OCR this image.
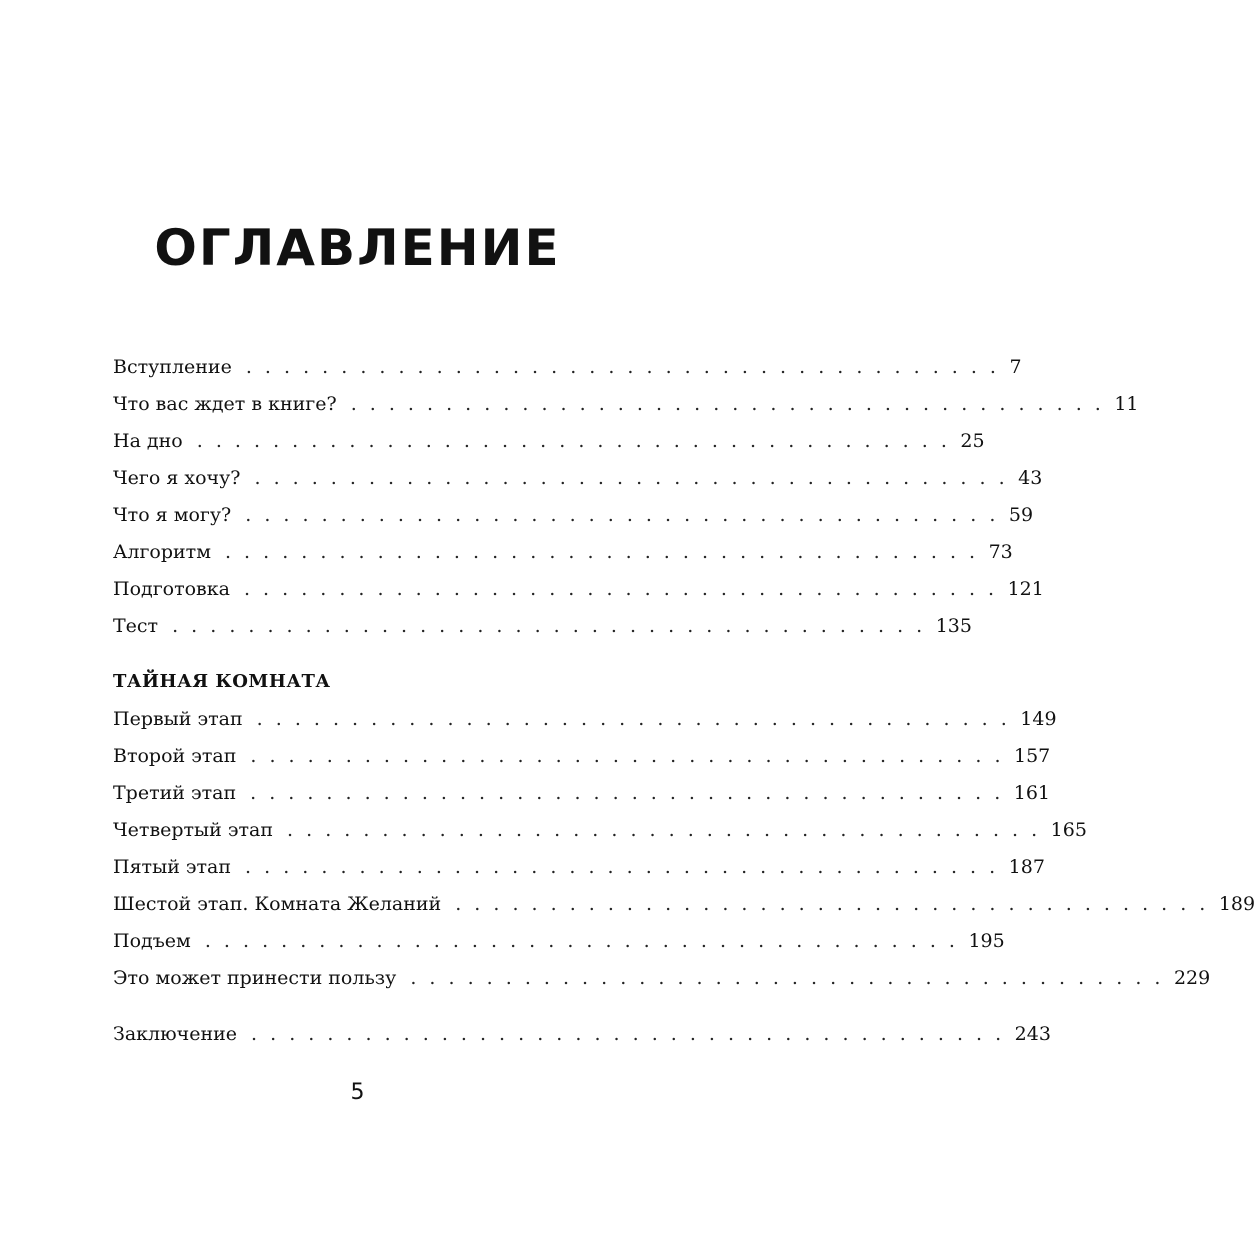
ОГЛАВЛЕНИЕ
Вступление . . . . . . . . . . . . . . . . . . . . . . . . . . . . . . . . . . . . . . . . 7
Что вас ждет в книге? . . . . . . . . . . . . . . . . . . . . . . . . . . . . . . . . . . . . . . . . 11
На дно . . . . . . . . . . . . . . . . . . . . . . . . . . . . . . . . . . . . . . . . 25
Чего я хочу? . . . . . . . . . . . . . . . . . . . . . . . . . . . . . . . . . . . . . . . . 43
Что я могу? . . . . . . . . . . . . . . . . . . . . . . . . . . . . . . . . . . . . . . . . 59
Алгоритм . . . . . . . . . . . . . . . . . . . . . . . . . . . . . . . . . . . . . . . . 73
Подготовка . . . . . . . . . . . . . . . . . . . . . . . . . . . . . . . . . . . . . . . . 121
Тест . . . . . . . . . . . . . . . . . . . . . . . . . . . . . . . . . . . . . . . . 135
ТАЙНАЯ КОМНАТА
Первый этап . . . . . . . . . . . . . . . . . . . . . . . . . . . . . . . . . . . . . . . . 149
Второй этап . . . . . . . . . . . . . . . . . . . . . . . . . . . . . . . . . . . . . . . . 157
Третий этап . . . . . . . . . . . . . . . . . . . . . . . . . . . . . . . . . . . . . . . . 161
Четвертый этап . . . . . . . . . . . . . . . . . . . . . . . . . . . . . . . . . . . . . . . . 165
Пятый этап . . . . . . . . . . . . . . . . . . . . . . . . . . . . . . . . . . . . . . . . 187
Шестой этап. Комната Желаний . . . . . . . . . . . . . . . . . . . . . . . . . . . . . . . . . . . . . . . . 189
Подъем . . . . . . . . . . . . . . . . . . . . . . . . . . . . . . . . . . . . . . . . 195
Это может принести пользу . . . . . . . . . . . . . . . . . . . . . . . . . . . . . . . . . . . . . . . . 229
Заключение . . . . . . . . . . . . . . . . . . . . . . . . . . . . . . . . . . . . . . . . 243
5
